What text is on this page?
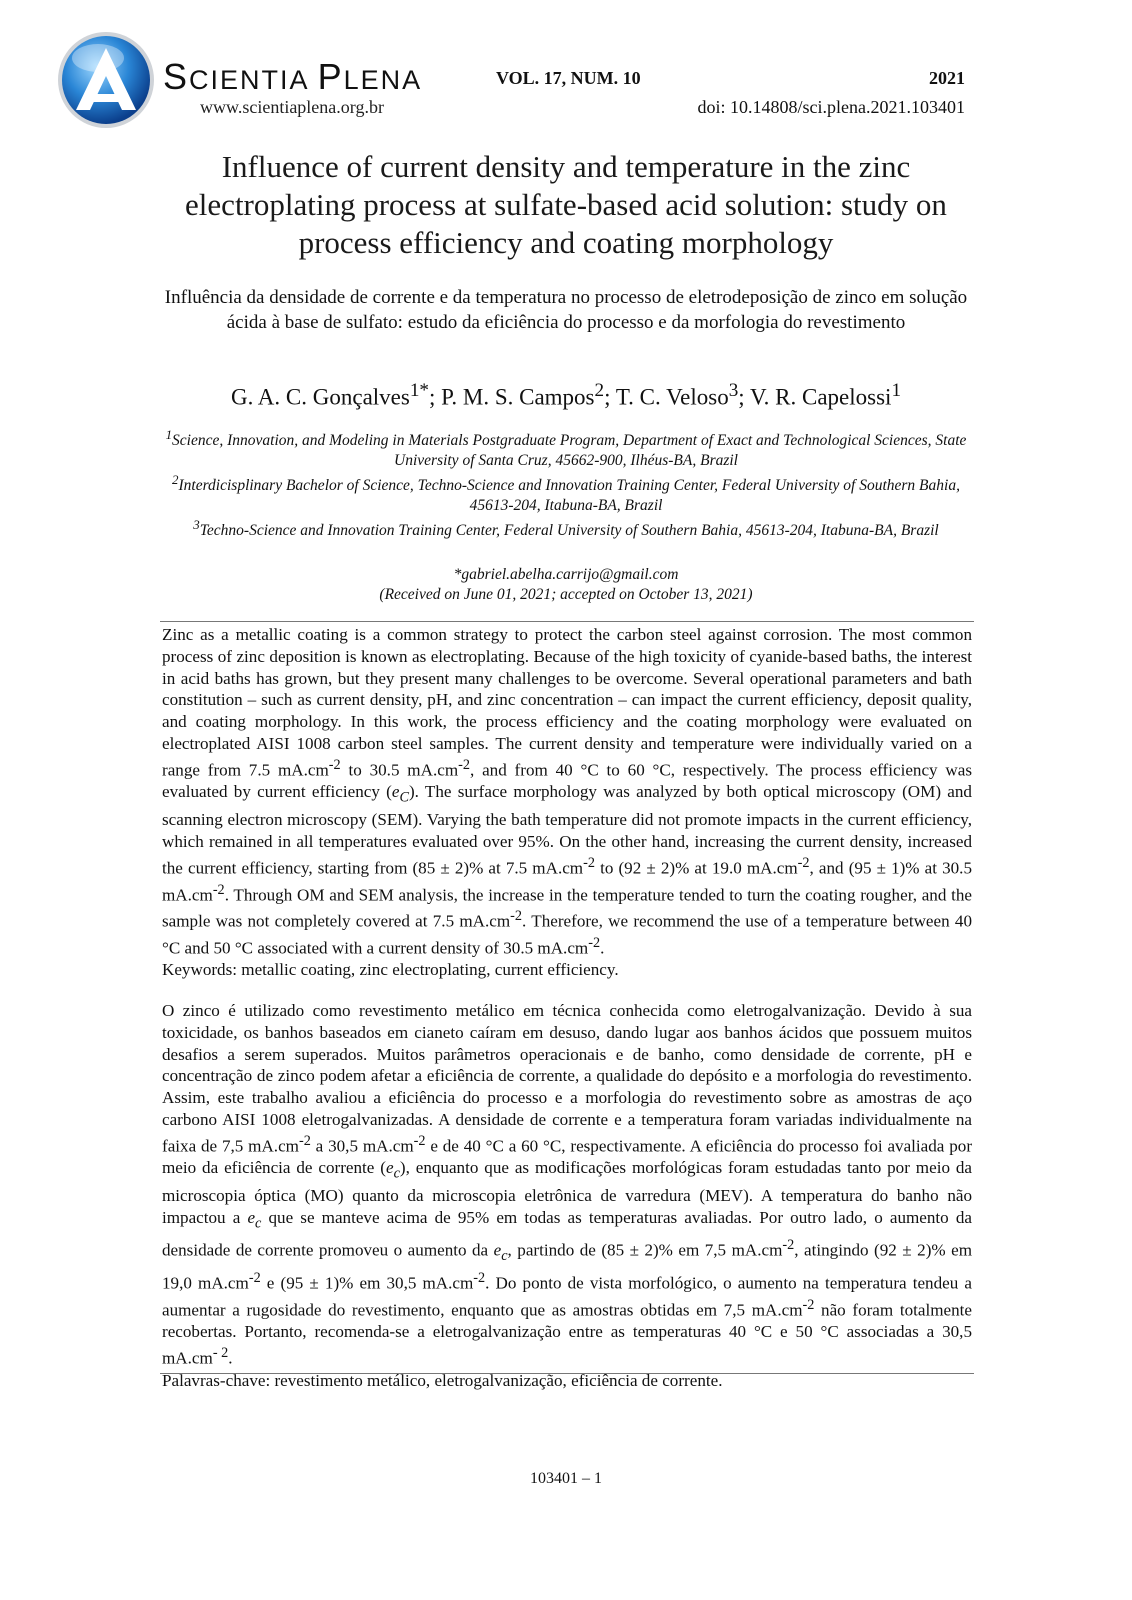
SCIENTIA PLENA
www.scientiaplena.org.br
VOL. 17, NUM. 10	2021
doi: 10.14808/sci.plena.2021.103401
Influence of current density and temperature in the zinc electroplating process at sulfate-based acid solution: study on process efficiency and coating morphology
Influência da densidade de corrente e da temperatura no processo de eletrodeposição de zinco em solução ácida à base de sulfato: estudo da eficiência do processo e da morfologia do revestimento
G. A. C. Gonçalves$^{1*}$; P. M. S. Campos$^2$; T. C. Veloso$^3$; V. R. Capelossi$^1$

$^1$Science, Innovation, and Modeling in Materials Postgraduate Program, Department of Exact and Technological Sciences, State University of Santa Cruz, 45662-900, Ilhéus-BA, Brazil

$^2$Interdicisplinary Bachelor of Science, Techno-Science and Innovation Training Center, Federal University of Southern Bahia, 45613-204, Itabuna-BA, Brazil

$^3$Techno-Science and Innovation Training Center, Federal University of Southern Bahia, 45613-204, Itabuna-BA, Brazil

*gabriel.abelha.carrijo@gmail.com

(Received on June 01, 2021; accepted on October 13, 2021)

Zinc as a metallic coating is a common strategy to protect the carbon steel against corrosion. The most common process of zinc deposition is known as electroplating. Because of the high toxicity of cyanide-based baths, the interest in acid baths has grown, but they present many challenges to be overcome. Several operational parameters and bath constitution – such as current density, pH, and zinc concentration – can impact the current efficiency, deposit quality, and coating morphology. In this work, the process efficiency and the coating morphology were evaluated on electroplated AISI 1008 carbon steel samples. The current density and temperature were individually varied on a range from 7.5 $mA.cm^{-2}$ to 30.5 $mA.cm^{-2}$, and from 40 °C to 60 °C, respectively. The process efficiency was evaluated by current efficiency $(e_C)$. The surface morphology was analyzed by both optical microscopy (OM) and scanning electron microscopy (SEM). Varying the bath temperature did not promote impacts in the current efficiency, which remained in all temperatures evaluated over 95%. On the other hand, increasing the current density, increased the current efficiency, starting from (85 ± 2)% at 7.5 $mA.cm^{-2}$ to (92 ± 2)% at 19.0 $mA.cm^{-2}$, and (95 ± 1)% at 30.5 $mA.cm^{-2}$. Through OM and SEM analysis, the increase in the temperature tended to turn the coating rougher, and the sample was not completely covered at 7.5 $mA.cm^{-2}$. Therefore, we recommend the use of a temperature between 40 °C and 50 °C associated with a current density of 30.5 $mA.cm^{-2}$.

Keywords: metallic coating, zinc electroplating, current efficiency.

O zinco é utilizado como revestimento metálico em técnica conhecida como eletrogalvanização. Devido à sua toxicidade, os banhos baseados em cianeto caíram em desuso, dando lugar aos banhos ácidos que possuem muitos desafios a serem superados. Muitos parâmetros operacionais e de banho, como densidade de corrente, pH e concentração de zinco podem afetar a eficiência de corrente, a qualidade do depósito e a morfologia do revestimento. Assim, este trabalho avaliou a eficiência do processo e a morfologia do revestimento sobre as amostras de aço carbono AISI 1008 eletrogalvanizadas. A densidade de corrente e a temperatura foram variadas individualmente na faixa de 7,5 $mA.cm^{-2}$ a 30,5 $mA.cm^{-2}$ e de 40 °C a 60 °C, respectivamente. A eficiência do processo foi avaliada por meio da eficiência de corrente $(e_c)$, enquanto que as modificações morfológicas foram estudadas tanto por meio da microscopia óptica (MO) quanto da microscopia eletrônica de varredura (MEV). A temperatura do banho não impactou a $e_c$ que se manteve acima de 95% em todas as temperaturas avaliadas. Por outro lado, o aumento da densidade de corrente promoveu o aumento da $e_c$, partindo de (85 ± 2)% em 7,5 $mA.cm^{-2}$, atingindo (92 ± 2)% em 19,0 $mA.cm^{-2}$ e (95 ± 1)% em 30,5 $mA.cm^{-2}$. Do ponto de vista morfológico, o aumento na temperatura tendeu a aumentar a rugosidade do revestimento, enquanto que as amostras obtidas em 7,5 $mA.cm^{-2}$ não foram totalmente recobertas. Portanto, recomenda-se a eletrogalvanização entre as temperaturas 40 °C e 50 °C associadas a 30,5 $mA.cm^{- 2}$.

Palavras-chave: revestimento metálico, eletrogalvanização, eficiência de corrente.

103401 – 1
